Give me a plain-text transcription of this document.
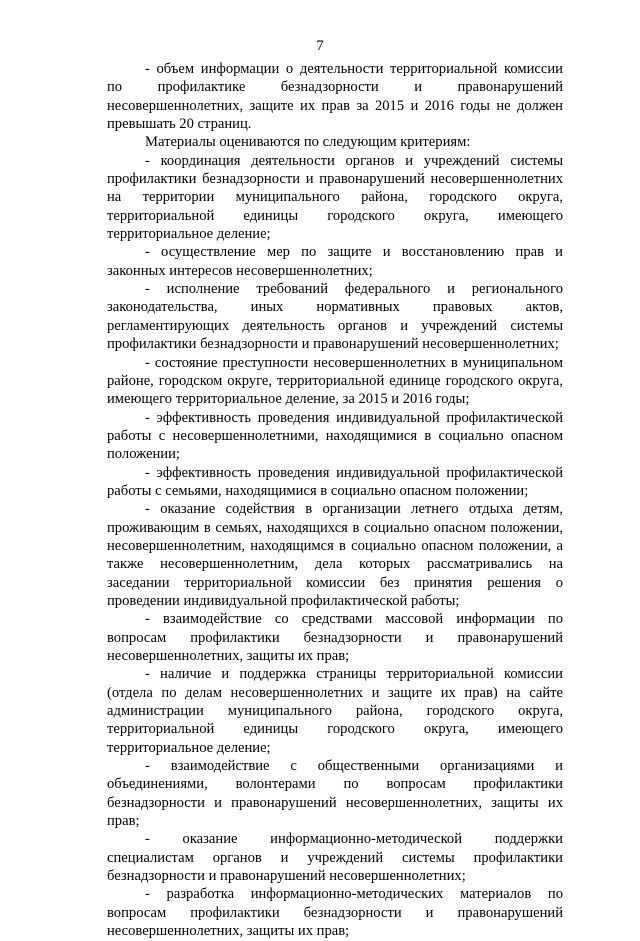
7

- объем информации о деятельности территориальной комиссии по профилактике безнадзорности и правонарушений несовершеннолетних, защите их прав за 2015 и 2016 годы не должен превышать 20 страниц.

Материалы оцениваются по следующим критериям:

- координация деятельности органов и учреждений системы профилактики безнадзорности и правонарушений несовершеннолетних на территории муниципального района, городского округа, территориальной единицы городского округа, имеющего территориальное деление;

- осуществление мер по защите и восстановлению прав и законных интересов несовершеннолетних;

- исполнение требований федерального и регионального законодательства, иных нормативных правовых актов, регламентирующих деятельность органов и учреждений системы профилактики безнадзорности и правонарушений несовершеннолетних;

- состояние преступности несовершеннолетних в муниципальном районе, городском округе, территориальной единице городского округа, имеющего территориальное деление, за 2015 и 2016 годы;

- эффективность проведения индивидуальной профилактической работы с несовершеннолетними, находящимися в социально опасном положении;

- эффективность проведения индивидуальной профилактической работы с семьями, находящимися в социально опасном положении;

- оказание содействия в организации летнего отдыха детям, проживающим в семьях, находящихся в социально опасном положении, несовершеннолетним, находящимся в социально опасном положении, а также несовершеннолетним, дела которых рассматривались на заседании территориальной комиссии без принятия решения о проведении индивидуальной профилактической работы;

- взаимодействие со средствами массовой информации по вопросам профилактики безнадзорности и правонарушений несовершеннолетних, защиты их прав;

- наличие и поддержка страницы территориальной комиссии (отдела по делам несовершеннолетних и защите их прав) на сайте администрации муниципального района, городского округа, территориальной единицы городского округа, имеющего территориальное деление;

- взаимодействие с общественными организациями и объединениями, волонтерами по вопросам профилактики безнадзорности и правонарушений несовершеннолетних, защиты их прав;

- оказание информационно-методической поддержки специалистам органов и учреждений системы профилактики безнадзорности и правонарушений несовершеннолетних;

- разработка информационно-методических материалов по вопросам профилактики безнадзорности и правонарушений несовершеннолетних, защиты их прав;
